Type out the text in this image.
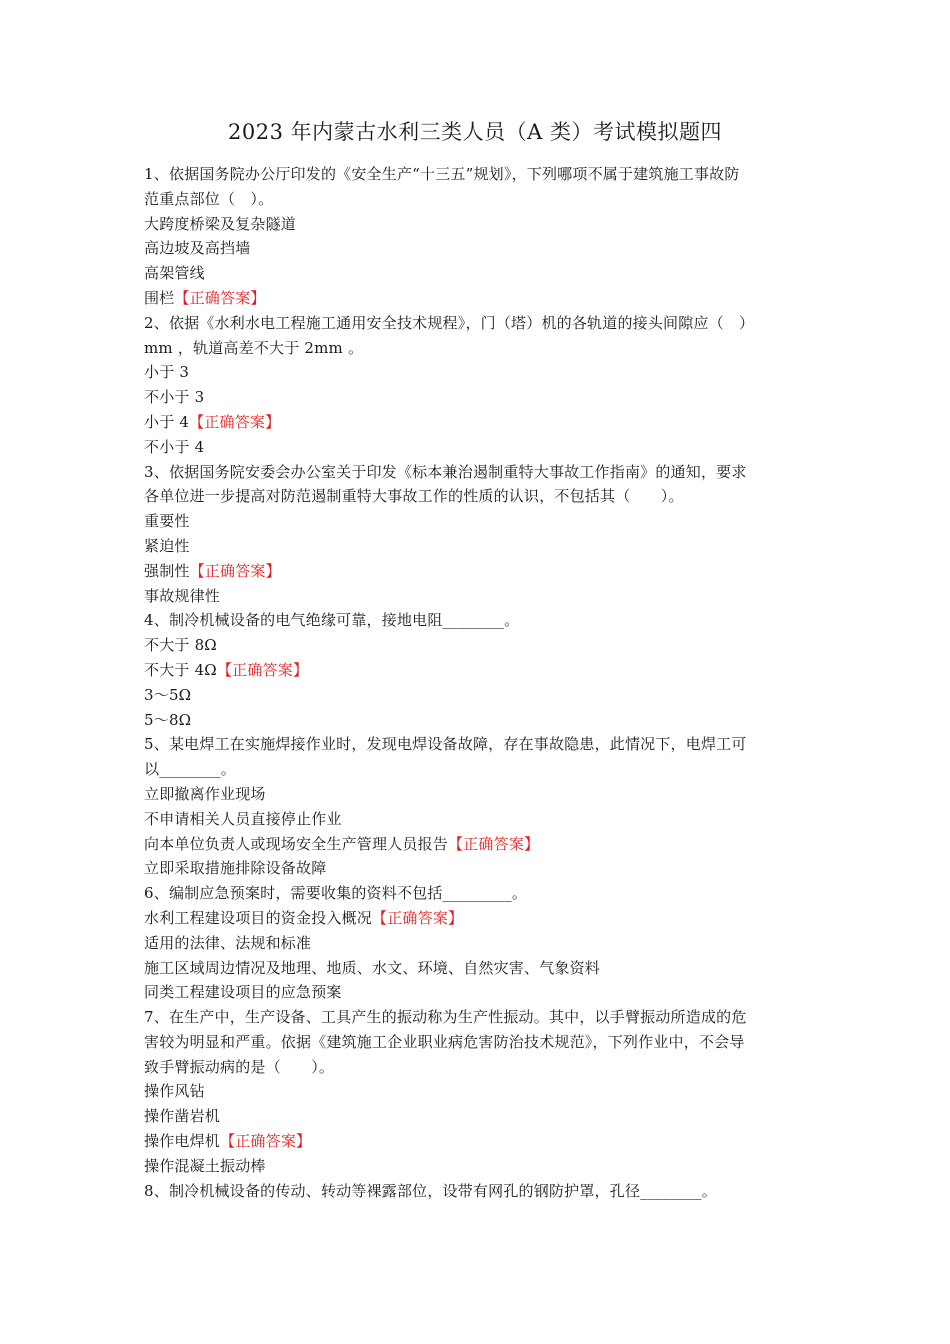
2023 年内蒙古水利三类人员（A 类）考试模拟题四
1、依据国务院办公厅印发的《安全生产“十三五”规划》，下列哪项不属于建筑施工事故防
范重点部位（　）。
大跨度桥梁及复杂隧道
高边坡及高挡墙
高架管线
围栏【正确答案】
2、依据《水利水电工程施工通用安全技术规程》，门（塔）机的各轨道的接头间隙应（　）
mm ，轨道高差不大于 2mm 。
小于 3
不小于 3
小于 4【正确答案】
不小于 4
3、依据国务院安委会办公室关于印发《标本兼治遏制重特大事故工作指南》的通知，要求
各单位进一步提高对防范遏制重特大事故工作的性质的认识，不包括其（　　）。
重要性
紧迫性
强制性【正确答案】
事故规律性
4、制冷机械设备的电气绝缘可靠，接地电阻________。
不大于 8Ω
不大于 4Ω【正确答案】
3～5Ω
5～8Ω
5、某电焊工在实施焊接作业时，发现电焊设备故障，存在事故隐患，此情况下，电焊工可
以________。
立即撤离作业现场
不申请相关人员直接停止作业
向本单位负责人或现场安全生产管理人员报告【正确答案】
立即采取措施排除设备故障
6、编制应急预案时，需要收集的资料不包括_________。
水利工程建设项目的资金投入概况【正确答案】
适用的法律、法规和标准
施工区域周边情况及地理、地质、水文、环境、自然灾害、气象资料
同类工程建设项目的应急预案
7、在生产中，生产设备、工具产生的振动称为生产性振动。其中，以手臂振动所造成的危
害较为明显和严重。依据《建筑施工企业职业病危害防治技术规范》，下列作业中，不会导
致手臂振动病的是（　　）。
操作风钻
操作凿岩机
操作电焊机【正确答案】
操作混凝土振动棒
8、制冷机械设备的传动、转动等裸露部位，设带有网孔的钢防护罩，孔径________。
